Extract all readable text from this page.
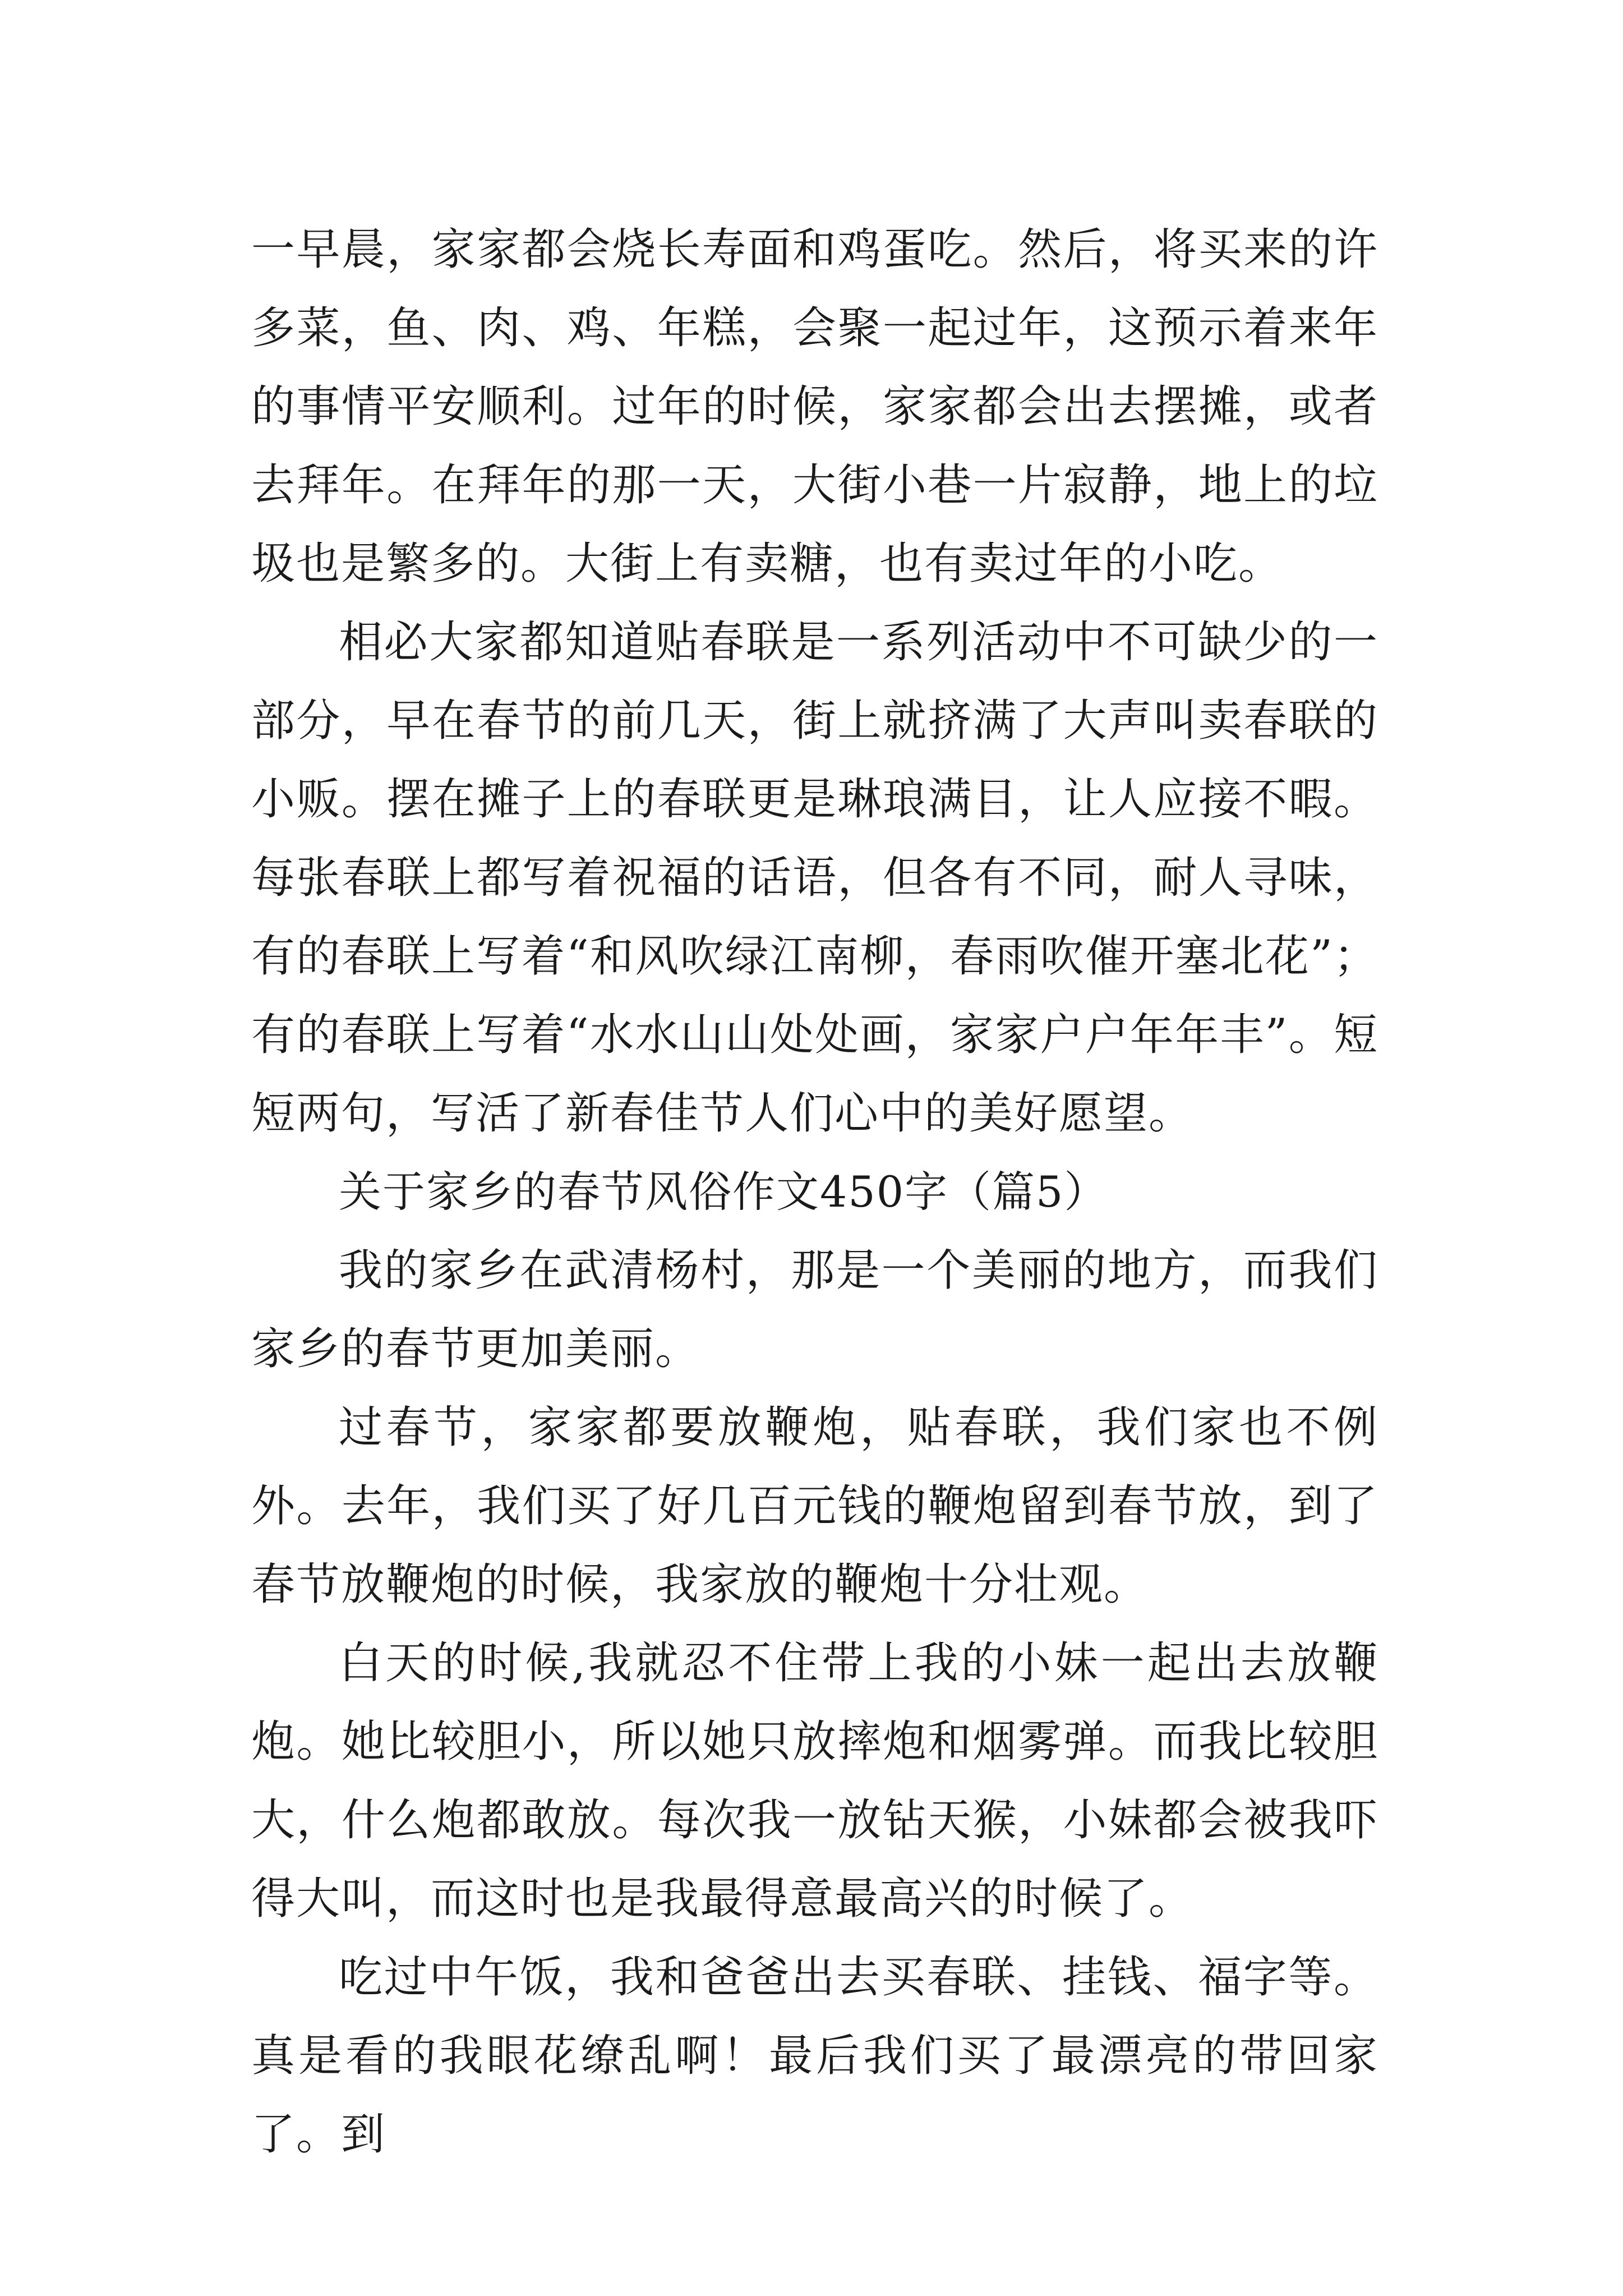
一早晨，家家都会烧长寿面和鸡蛋吃。然后，将买来的许多菜，鱼、肉、鸡、年糕，会聚一起过年，这预示着来年的事情平安顺利。过年的时候，家家都会出去摆摊，或者去拜年。在拜年的那一天，大街小巷一片寂静，地上的垃圾也是繁多的。大街上有卖糖，也有卖过年的小吃。

相必大家都知道贴春联是一系列活动中不可缺少的一部分，早在春节的前几天，街上就挤满了大声叫卖春联的小贩。摆在摊子上的春联更是琳琅满目，让人应接不暇。每张春联上都写着祝福的话语，但各有不同，耐人寻味，有的春联上写着“和风吹绿江南柳，春雨吹催开塞北花”；有的春联上写着“水水山山处处画，家家户户年年丰”。短短两句，写活了新春佳节人们心中的美好愿望。

关于家乡的春节风俗作文450字（篇5）

我的家乡在武清杨村，那是一个美丽的地方，而我们家乡的春节更加美丽。

过春节，家家都要放鞭炮，贴春联，我们家也不例外。去年，我们买了好几百元钱的鞭炮留到春节放，到了春节放鞭炮的时候，我家放的鞭炮十分壮观。

白天的时候,我就忍不住带上我的小妹一起出去放鞭炮。她比较胆小，所以她只放摔炮和烟雾弹。而我比较胆大，什么炮都敢放。每次我一放钻天猴，小妹都会被我吓得大叫，而这时也是我最得意最高兴的时候了。

吃过中午饭，我和爸爸出去买春联、挂钱、福字等。真是看的我眼花缭乱啊！最后我们买了最漂亮的带回家了。到
